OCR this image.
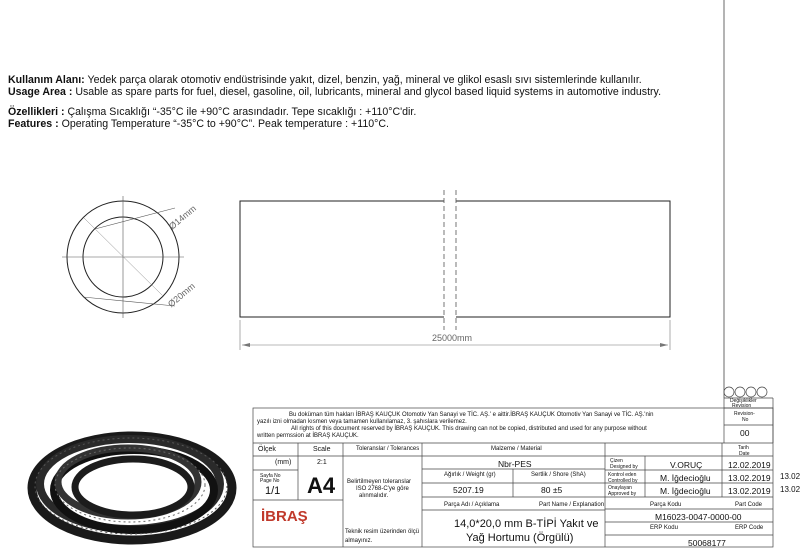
Kullanım Alanı: Yedek parça olarak otomotiv endüstrisinde yakıt, dizel, benzin, yağ, mineral ve glikol esaslı sıvı sistemlerinde kullanılır.
Usage Area : Usable as spare parts for fuel, diesel, gasoline, oil, lubricants, mineral and glycol based liquid systems in automotive industry.
Özellikleri : Çalışma Sıcaklığı “-35°C ile +90°C arasındadır. Tepe sıcaklığı : +110°C'dir.
Features : Operating Temperature “-35°C to +90°C”. Peak temperature : +110°C.
Ø14mm
Ø20mm
25000mm
Bu doküman tüm hakları İBRAŞ KAUÇUK Otomotiv Yan Sanayi ve TİC. AŞ.' e aittir.İBRAŞ KAUÇUK Otomotiv Yan Sanayi ve TİC. AŞ.'nin
yazılı izni olmadan kısmen veya tamamen kullanılamaz, 3. şahıslara verilemez.
All rights of this document reserved by İBRAŞ KAUÇUK. This drawing can not be copied, distributed and used for any purpose without
written permssion at İBRAŞ KAUÇUK.
Ölçek	Scale
(mm)	2:1
Sayfa No
Page No
1/1 A4
İBRAŞ
Toleranslar / Tolerances
Belirtilmeyen toleranslar
ISO 2768-C'ye göre
alınmalıdır.
Teknik resim üzerinden ölçü
almayınız.
Malzeme / Material
Nbr-PES
Ağırlık / Weight (gr)
5207.19
Sertlik / Shore (ShA)
80 ±5
Parça Adı / Açıklama	Part Name / Explanation
14,0*20,0 mm B-TİPİ Yakıt ve
Yağ Hortumu (Örgülü)
Çizen
Designed by	V.ORUÇ	12.02.2019
Kontrol eden
Controlled by	M. İğdecioğlu 13.02.2019
Onaylayan
Approved by	M. İğdecioğlu 13.02.2019
Parça Kodu	Part Code
M16023-0047-0000-00
ERP Kodu	ERP Code
50068177
Değişiklikler
Revision
Revision-
No
00
Tarih
Date
13.02
13.02
